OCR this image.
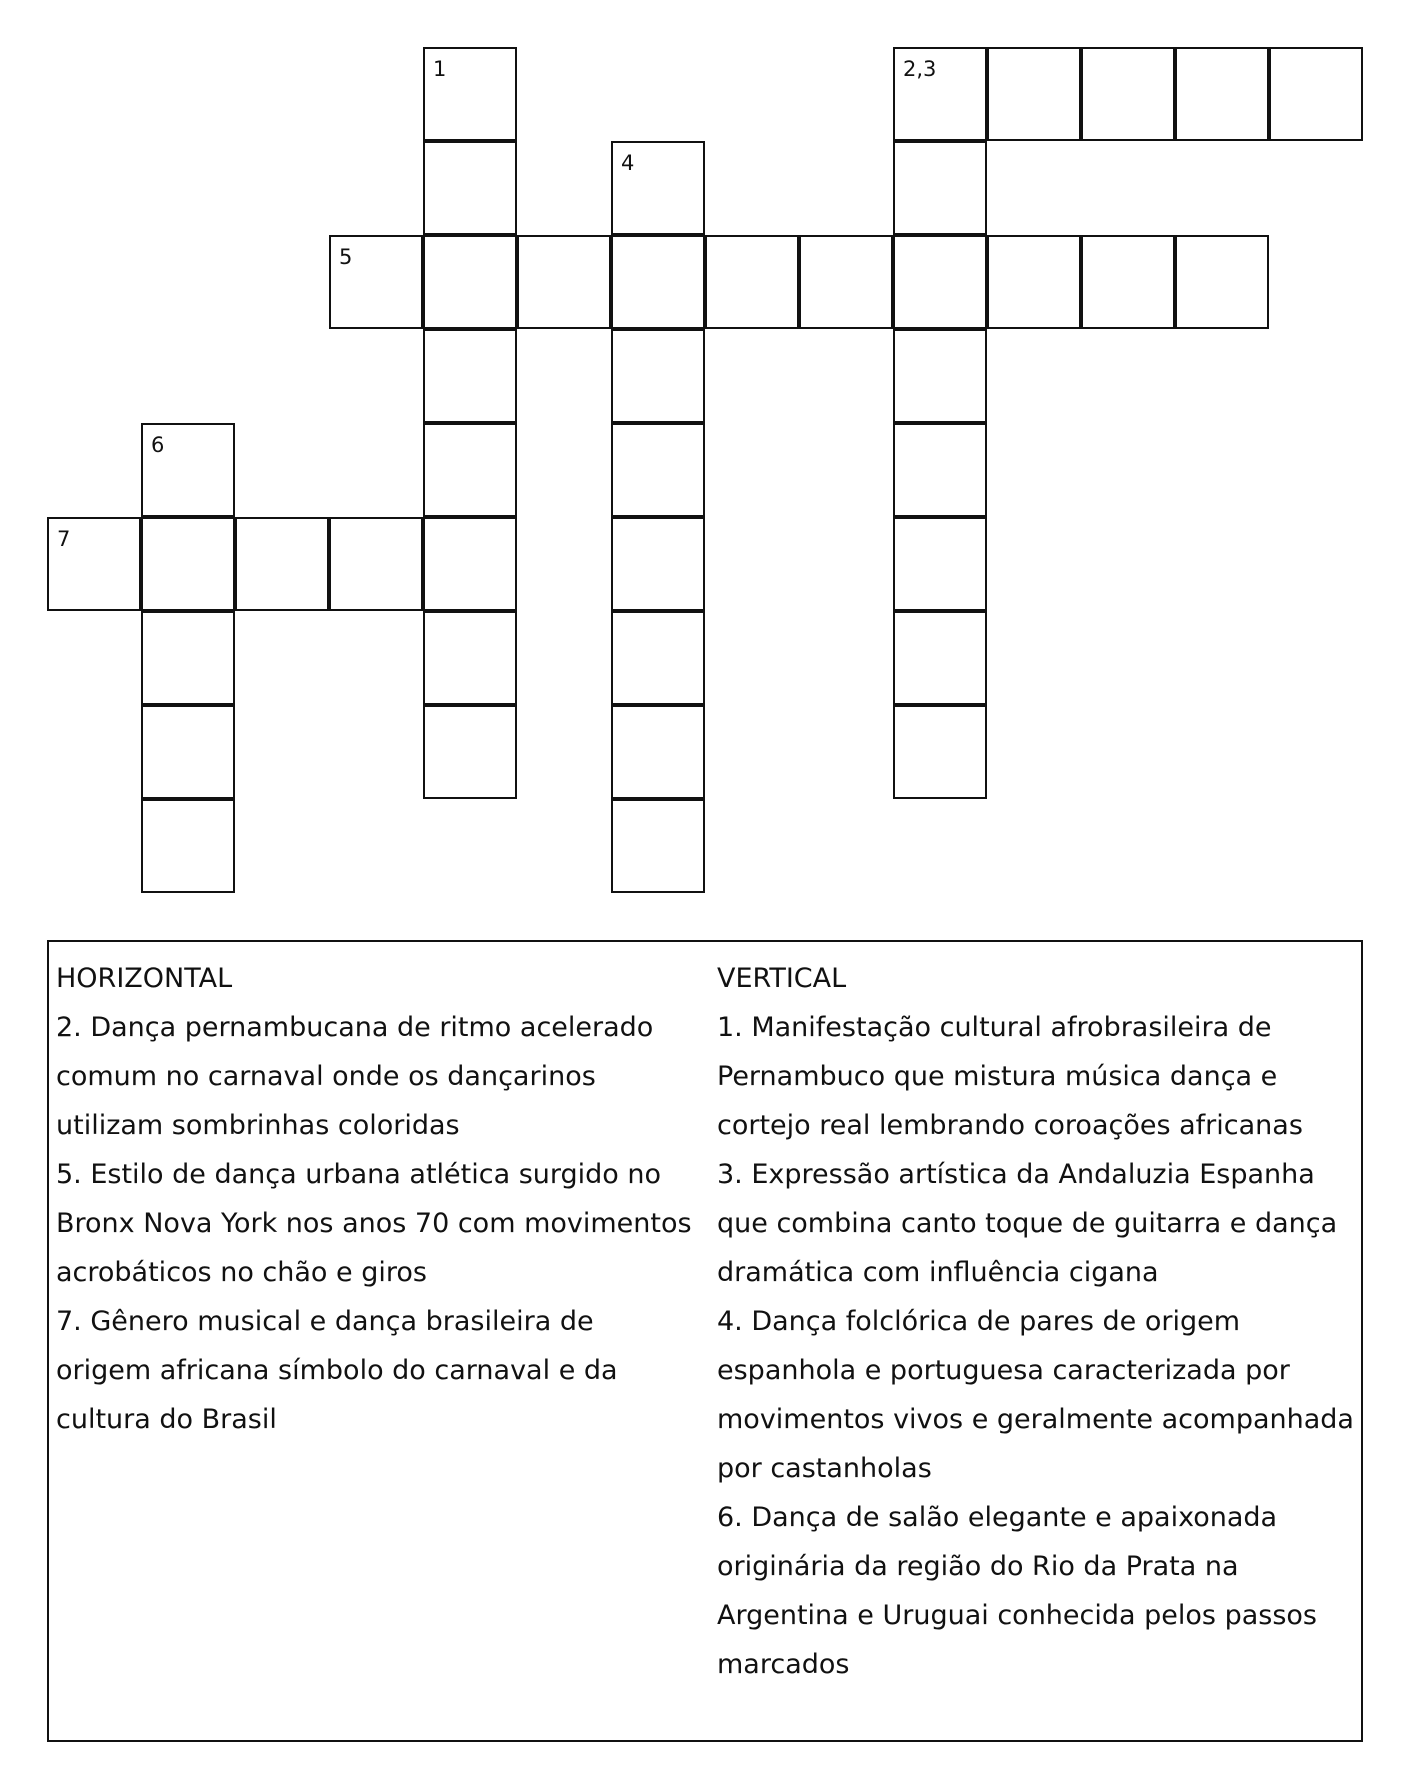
1	2,3
4
5
6
7
HORIZONTAL
2. Dança pernambucana de ritmo acelerado comum no carnaval onde os dançarinos utilizam sombrinhas coloridas
5. Estilo de dança urbana atlética surgido no Bronx Nova York nos anos 70 com movimentos acrobáticos no chão e giros
7. Gênero musical e dança brasileira de origem africana símbolo do carnaval e da cultura do Brasil
VERTICAL
1. Manifestação cultural afrobrasileira de Pernambuco que mistura música dança e cortejo real lembrando coroações africanas
3. Expressão artística da Andaluzia Espanha que combina canto toque de guitarra e dança dramática com influência cigana
4. Dança folclórica de pares de origem espanhola e portuguesa caracterizada por movimentos vivos e geralmente acompanhada por castanholas
6. Dança de salão elegante e apaixonada originária da região do Rio da Prata na Argentina e Uruguai conhecida pelos passos marcados
